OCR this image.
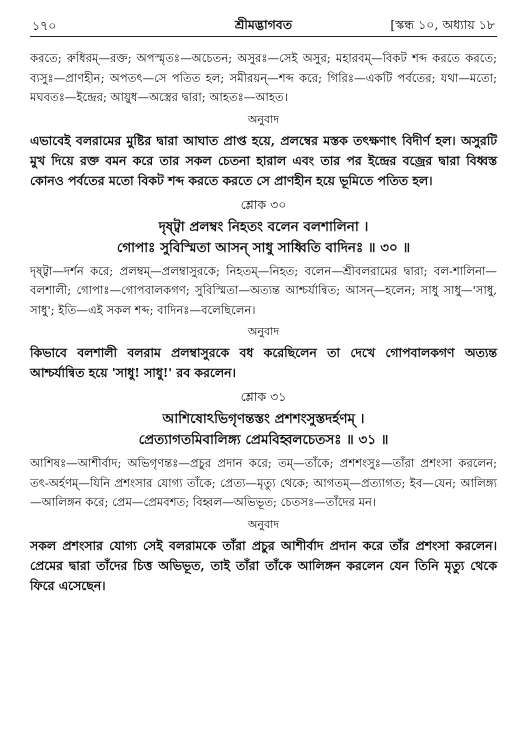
১৭০	শ্রীমদ্ভাগবত	[স্কন্ধ ১০, অধ্যায় ১৮
করতে; রুধিরম্—রক্ত; অপস্মৃতঃ—অচেতন; অসুরঃ—সেই অসুর; মহারবম্—বিকট শব্দ করতে করতে; ব্যসুঃ—প্রাণহীন; অপতৎ—সে পতিত হল; সমীরয়ন্—শব্দ করে; গিরিঃ—একটি পর্বতের; যথা—মতো; মঘবতঃ—ইন্দ্রের; আয়ুধ—অস্ত্রের দ্বারা; আহতঃ—আহত।
অনুবাদ
এভাবেই বলরামের মুষ্টির দ্বারা আঘাত প্রাপ্ত হয়ে, প্রলম্বের মস্তক তৎক্ষণাৎ বিদীর্ণ হল। অসুরটি মুখ দিয়ে রক্ত বমন করে তার সকল চেতনা হারাল এবং তার পর ইন্দ্রের বজ্রের দ্বারা বিধ্বস্ত কোনও পর্বতের মতো বিকট শব্দ করতে করতে সে প্রাণহীন হয়ে ভূমিতে পতিত হল।
শ্লোক ৩০
দৃষ্ট্বা প্রলম্বং নিহতং বলেন বলশালিনা ।
গোপাঃ সুবিস্মিতা আসন্ সাধু সাধ্বিতি বাদিনঃ ॥ ৩০ ॥
দৃষ্ট্বা—দর্শন করে; প্রলম্বম্—প্রলম্বাসুরকে; নিহতম্—নিহত; বলেন—শ্রীবলরামের দ্বারা; বল-শালিনা—বলশালী; গোপাঃ—গোপবালকগণ; সুবিস্মিতা—অত্যন্ত আশ্চর্যান্বিত; আসন্—হলেন; সাধু সাধু—'সাধু, সাধু'; ইতি—এই সকল শব্দ; বাদিনঃ—বলেছিলেন।
অনুবাদ
কিভাবে বলশালী বলরাম প্রলম্বাসুরকে বধ করেছিলেন তা দেখে গোপবালকগণ অত্যন্ত আশ্চর্যান্বিত হয়ে 'সাধু! সাধু!' রব করলেন।
শ্লোক ৩১
আশিষোঽভিগৃণন্তস্তং প্রশশংসুস্তদর্হণম্ ।
প্রেত্যাগতমিবালিঙ্গ্য প্রেমবিহ্বলচেতসঃ ॥ ৩১ ॥
আশিষঃ—আশীর্বাদ; অভিগৃণন্তঃ—প্রচুর প্রদান করে; তম্—তাঁকে; প্রশশংসুঃ—তাঁরা প্রশংসা করলেন; তৎ-অর্হণম্—যিনি প্রশংসার যোগ্য তাঁকে; প্রেত্য—মৃত্যু থেকে; আগতম্—প্রত্যাগত; ইব—যেন; আলিঙ্গ্য—আলিঙ্গন করে; প্রেম—প্রেমবশত; বিহ্বল—অভিভূত; চেতসঃ—তাঁদের মন।
অনুবাদ
সকল প্রশংসার যোগ্য সেই বলরামকে তাঁরা প্রচুর আশীর্বাদ প্রদান করে তাঁর প্রশংসা করলেন। প্রেমের দ্বারা তাঁদের চিত্ত অভিভূত, তাই তাঁরা তাঁকে আলিঙ্গন করলেন যেন তিনি মৃত্যু থেকে ফিরে এসেছেন।
